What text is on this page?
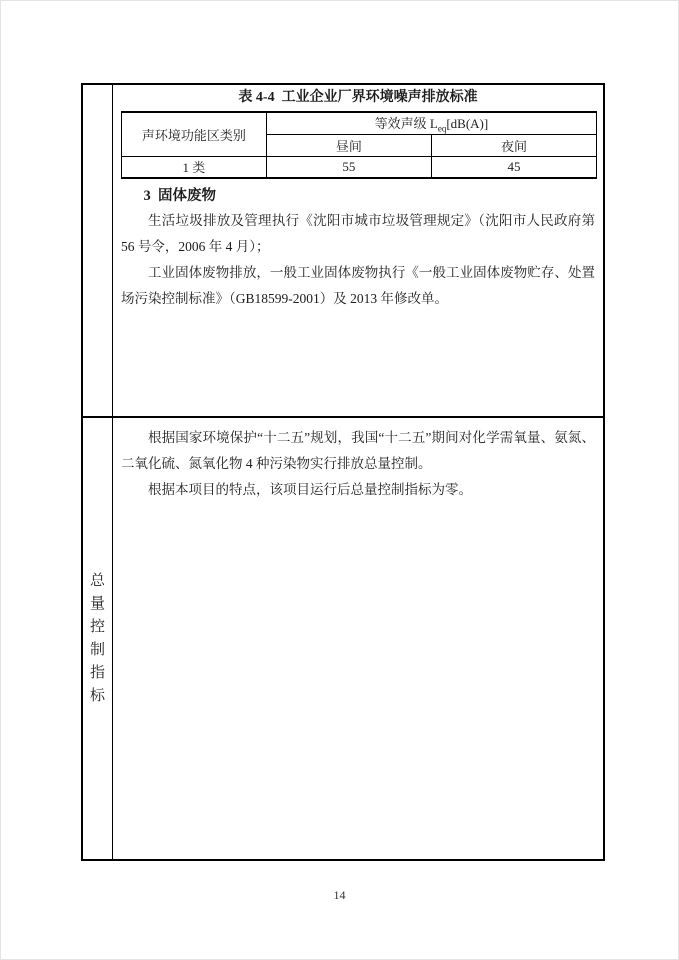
表 4-4  工业企业厂界环境噪声排放标准
声环境功能区类别	等效声级 $L_{eq}[dB(A)]$	
	昼间	夜间
1 类	55	45
3  固体废物

生活垃圾排放及管理执行《沈阳市城市垃圾管理规定》（沈阳市人民政府第 56 号令，2006 年 4 月）；

工业固体废物排放，一般工业固体废物执行《一般工业固体废物贮存、处置场污染控制标准》（GB18599-2001）及 2013 年修改单。

总量控制指标

根据国家环境保护“十二五”规划，我国“十二五”期间对化学需氧量、氨氮、二氧化硫、氮氧化物 4 种污染物实行排放总量控制。

根据本项目的特点，该项目运行后总量控制指标为零。

14
